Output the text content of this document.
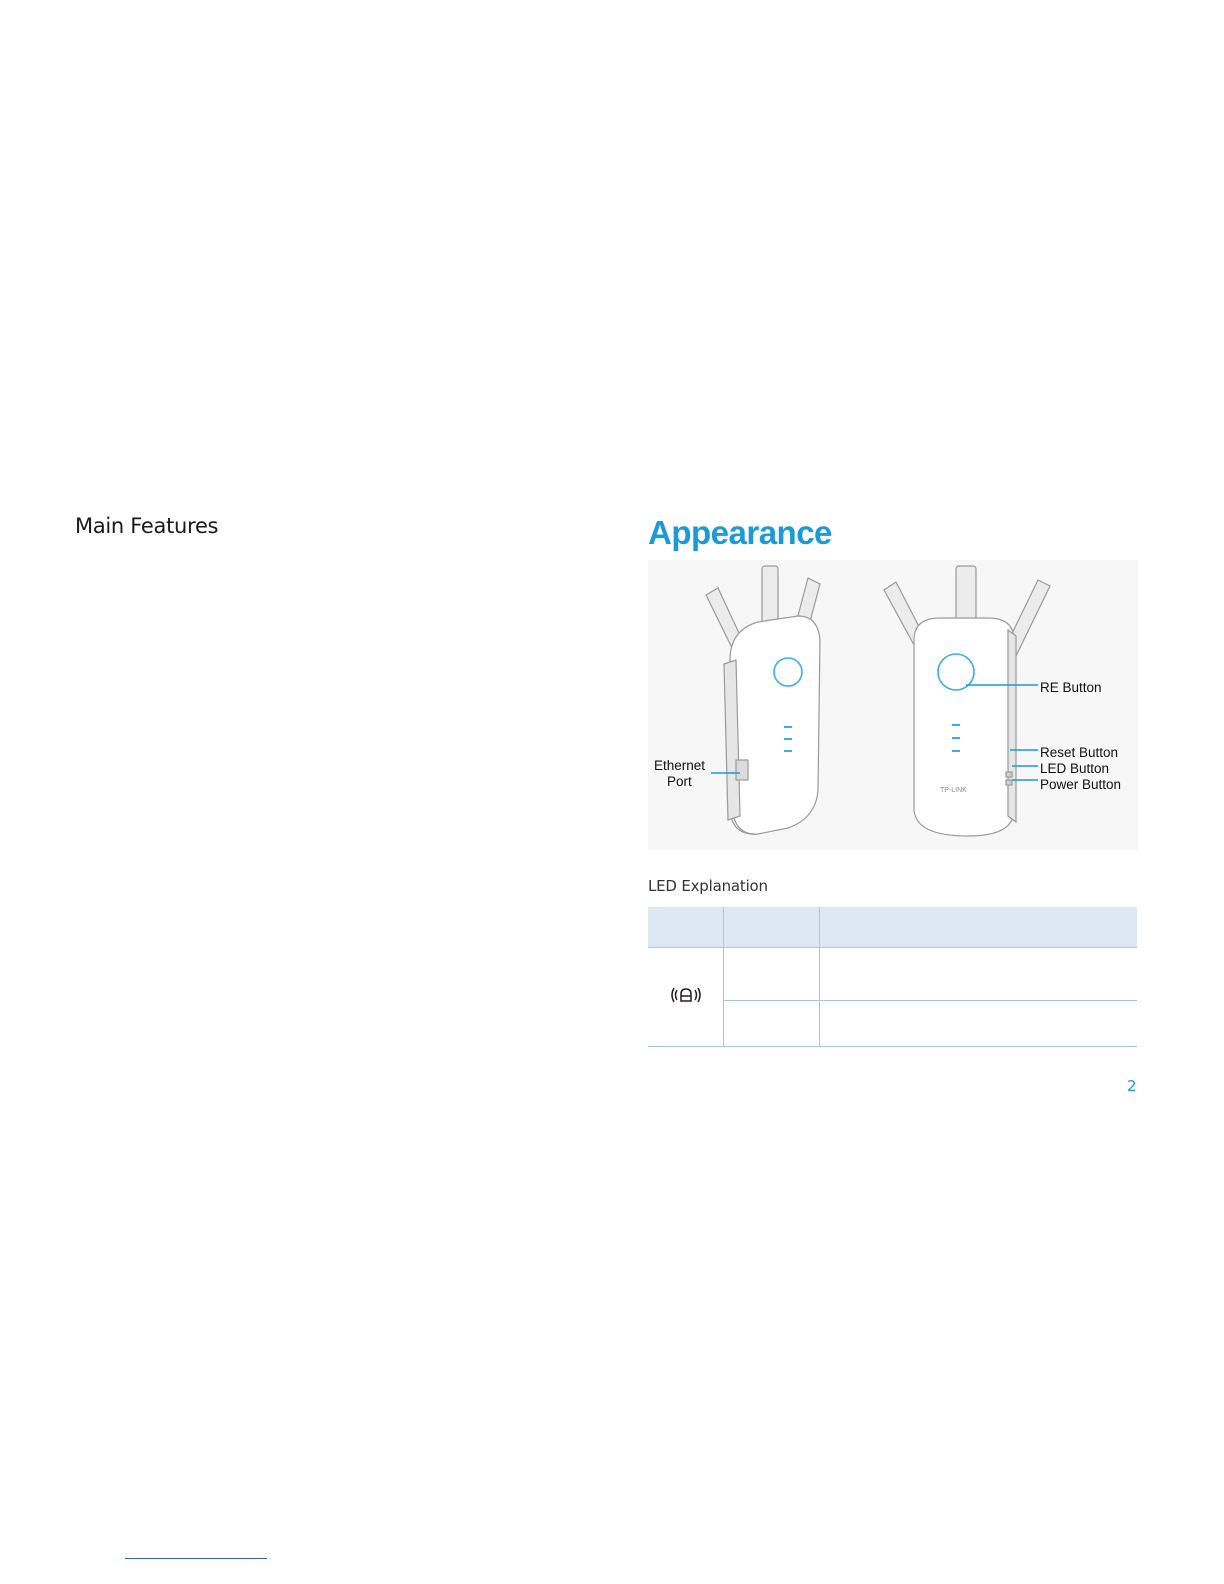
Main Features	Appearance
TP-LINK
Ethernet
Port
RE Button
Reset Button
LED Button
Power Button
LED Explanation

2
